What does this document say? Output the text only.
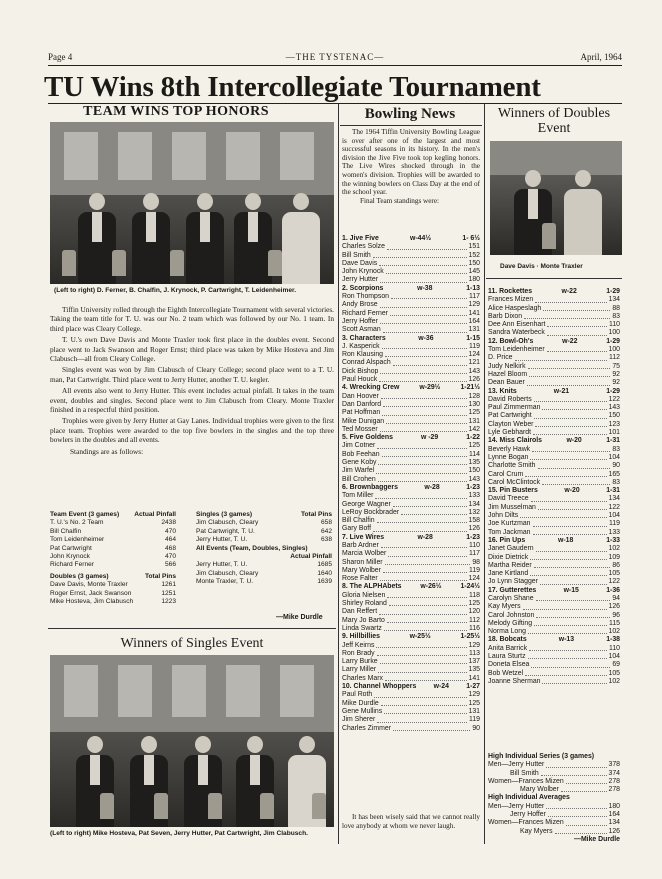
Page 4	—THE TYSTENAC—	April, 1964
TU Wins 8th Intercollegiate Tournament
TEAM WINS TOP HONORS
(Left to right) D. Ferner, B. Chalfin, J. Krynock, P. Cartwright, T. Leidenheimer.

Tiffin University rolled through the Eighth Intercollegiate Tournament with several victories. Taking the team title for T. U. was our No. 2 team which was followed by our No. 1 team. In third place was Cleary College.

T. U.'s own Dave Davis and Monte Traxler took first place in the doubles event. Second place went to Jack Swanson and Roger Ernst; third place was taken by Mike Hosteva and Jim Clabusch—all from Cleary College.

Singles event was won by Jim Clabusch of Cleary College; second place went to a T. U. man, Pat Cartwright. Third place went to Jerry Hutter, another T. U. kegler.

All events also went to Jerry Hutter. This event includes actual pinfall. It takes in the team event, doubles and singles. Second place went to Jim Clabusch from Cleary. Monte Traxler finished in a respectful third position.

Trophies were given by Jerry Hutter at Gay Lanes. Individual trophies were given to the first place team. Trophies were awarded to the top five bowlers in the singles and the top three bowlers in the doubles and all events.

Standings are as follows:

Team Event (3 games) Actual Pinfall
T. U.'s No. 2 Team	2438
Bill Chalfin	470
Tom Leidenheimer	464
Pat Cartwright	468
John Krynock	470
Richard Ferner	566
Doubles (3 games)	Total Pins
Dave Davis, Monte Traxler	1261
Roger Ernst, Jack Swanson	1251
Mike Hosteva, Jim Clabusch	1223
Singles (3 games)	Total Pins
Jim Clabusch, Cleary	658
Pat Cartwright, T. U.	642
Jerry Hutter, T. U.	638
All Events (Team, Doubles, Singles)
Actual Pinfall
Jerry Hutter, T. U.	1685
Jim Clabusch, Cleary	1640
Monte Traxler, T. U.	1639
—Mike Durdle
Winners of Singles Event
(Left to right) Mike Hosteva, Pat Seven, Jerry Hutter, Pat Cartwright, Jim Clabusch.
Bowling News

The 1964 Tiffin University Bowling League is over after one of the largest and most successful seasons in its history. In the men's division the Jive Five took top kegling honors. The Live Wires shocked through in the women's division. Trophies will be awarded to the winning bowlers on Class Day at the end of the school year.

Final Team standings were:

1. Jive Five	w-44½	1- 6½
Charles Solze	151
Bill Smith	152
Dave Davis	150
John Krynock	145
Jerry Hutter	180
2. Scorpions	w-38	1-13
Ron Thompson	117
Andy Brose	129
Richard Ferner	141
Jerry Hoffer	164
Scott Asman	131
3. Characters	w-36	1-15
J. Kasperick	119
Ron Klausing	124
Conrad Alspach	121
Dick Bishop	143
Paul Houck	126
4. Wrecking Crew	w-29½	1-21½
Dan Hoover	128
Dan Danford	130
Pat Hoffman	125
Mike Dunigan	131
Ted Mosser	142
5. Five Goldens	w -29	1-22
Jim Cotner	125
Bob Feehan	114
Gene Koby	135
Jim Warfel	150
Bill Crohen	143
6. Brownbaggers	w-28	1-23
Tom Miller	133
George Wagner	134
LeRoy Bockbrader	132
Bill Chalfin	158
Gary Boff	126
7. Live Wires	w-28	1-23
Barb Ardner	110
Marcia Wolber	117
Sharon Miller	98
Mary Wolber	119
Rose Falter	124
8. The ALPHAbets	w-26½	1-24½
Gloria Nielsen	118
Shirley Roland	125
Dan Reffert	120
Mary Jo Barto	112
Linda Swartz	116
9. Hillbillies	w-25½	1-25½
Jeff Keirns	129
Ron Brady	113
Larry Burke	137
Larry Miller	135
Charles Marx	141
10. Channel Whoppers	w-24	1-27
Paul Roth	129
Mike Durdle	125
Gene Mullins	131
Jim Sherer	119
Charles Zimmer	90

It has been wisely said that we cannot really love anybody at whom we never laugh.

Winners of Doubles Event
Dave Davis · Monte Traxler
11. Rockettes	w-22	1-29
Frances Mizen	134
Alice Haspeslagh	88
Barb Dixon	83
Dee Ann Eisenhart	110
Sandra Waterbeck	100
12. Bowl-Oh's	w-22	1-29
Tom Leidenheimer	100
D. Price	112
Judy Nelkirk	75
Hazel Bloom	92
Dean Bauer	92
13. Knits	w-21	1-29
David Roberts	122
Paul Zimmerman	143
Pat Cartwright	150
Clayton Weber	123
Lyle Gebhardt	101
14. Miss Clairols	w-20	1-31
Beverly Hawk	83
Lynne Bogan	104
Charlotte Smith	90
Carol Crum	165
Carol McClintock	83
15. Pin Busters	w-20	1-31
David Treece	134
Jim Musselman	122
John Dilts	104
Joe Kurtzman	119
Tom Jackman	133
16. Pin Ups	w-18	1-33
Janet Gaudern	102
Dixie Dietrick	109
Martha Reider	86
Jane Kirtland	105
Jo Lynn Stagger	122
17. Gutterettes	w-15	1-36
Carolyn Shane	94
Kay Myers	126
Carol Johnston	96
Melody Gifting	115
Norma Long	102
18. Bobcats	w-13	1-38
Anita Barrick	110
Laura Sturtz	104
Doneta Elsea	69
Bob Wetzel	105
Joanne Sherman	102
High Individual Series (3 games)
Men—Jerry Hutter	378
Bill Smith	374
Women—Frances Mizen	278
Mary Wolber	278
High Individual Averages
Men—Jerry Hutter	180
Jerry Hoffer	164
Women—Frances Mizen	134
Kay Myers	126
—Mike Durdle
